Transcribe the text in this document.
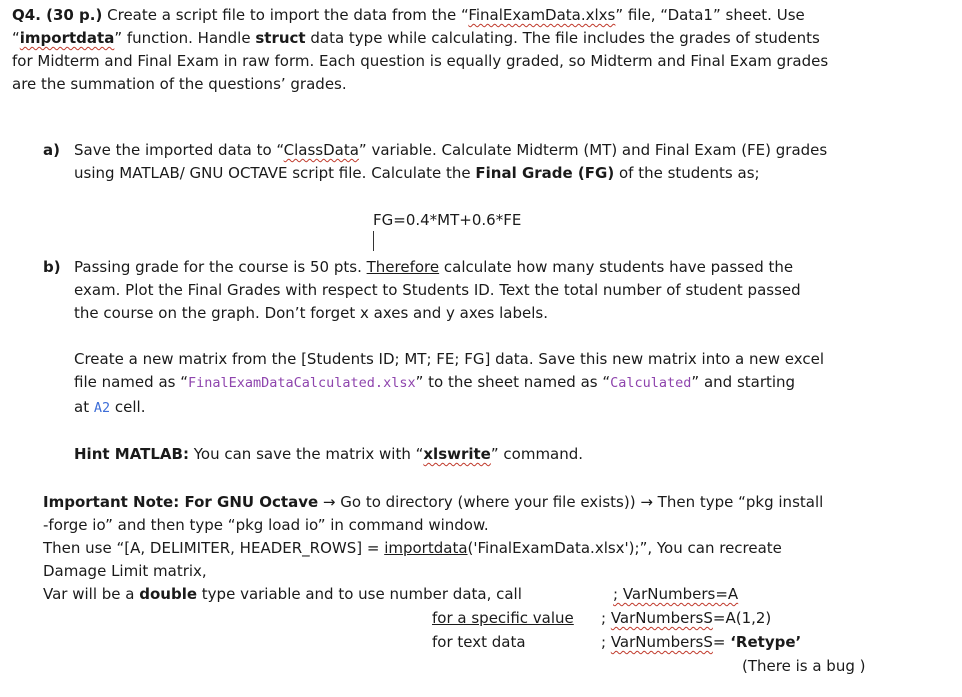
Q4. (30 p.) Create a script file to import the data from the “FinalExamData.xlxs” file, “Data1” sheet. Use
“importdata” function. Handle struct data type while calculating. The file includes the grades of students
for Midterm and Final Exam in raw form. Each question is equally graded, so Midterm and Final Exam grades
are the summation of the questions’ grades.
a) Save the imported data to “ClassData” variable. Calculate Midterm (MT) and Final Exam (FE) grades
using MATLAB/ GNU OCTAVE script file. Calculate the Final Grade (FG) of the students as;
FG=0.4*MT+0.6*FE
b) Passing grade for the course is 50 pts. Therefore calculate how many students have passed the
exam. Plot the Final Grades with respect to Students ID. Text the total number of student passed
the course on the graph. Don’t forget x axes and y axes labels.
Create a new matrix from the [Students ID; MT; FE; FG] data. Save this new matrix into a new excel
file named as “FinalExamDataCalculated.xlsx” to the sheet named as “Calculated” and starting
at A2 cell.
Hint MATLAB: You can save the matrix with “xlswrite” command.
Important Note: For GNU Octave → Go to directory (where your file exists)) → Then type “pkg install
-forge io” and then type “pkg load io” in command window.
Then use “[A, DELIMITER, HEADER_ROWS] = importdata('FinalExamData.xlsx');”, You can recreate
Damage Limit matrix,
Var will be a double type variable and to use number data, call	; VarNumbers=A
for a specific value ; VarNumbersS=A(1,2)
for text data	; VarNumbersS= ‘Retype’
(There is a bug )
